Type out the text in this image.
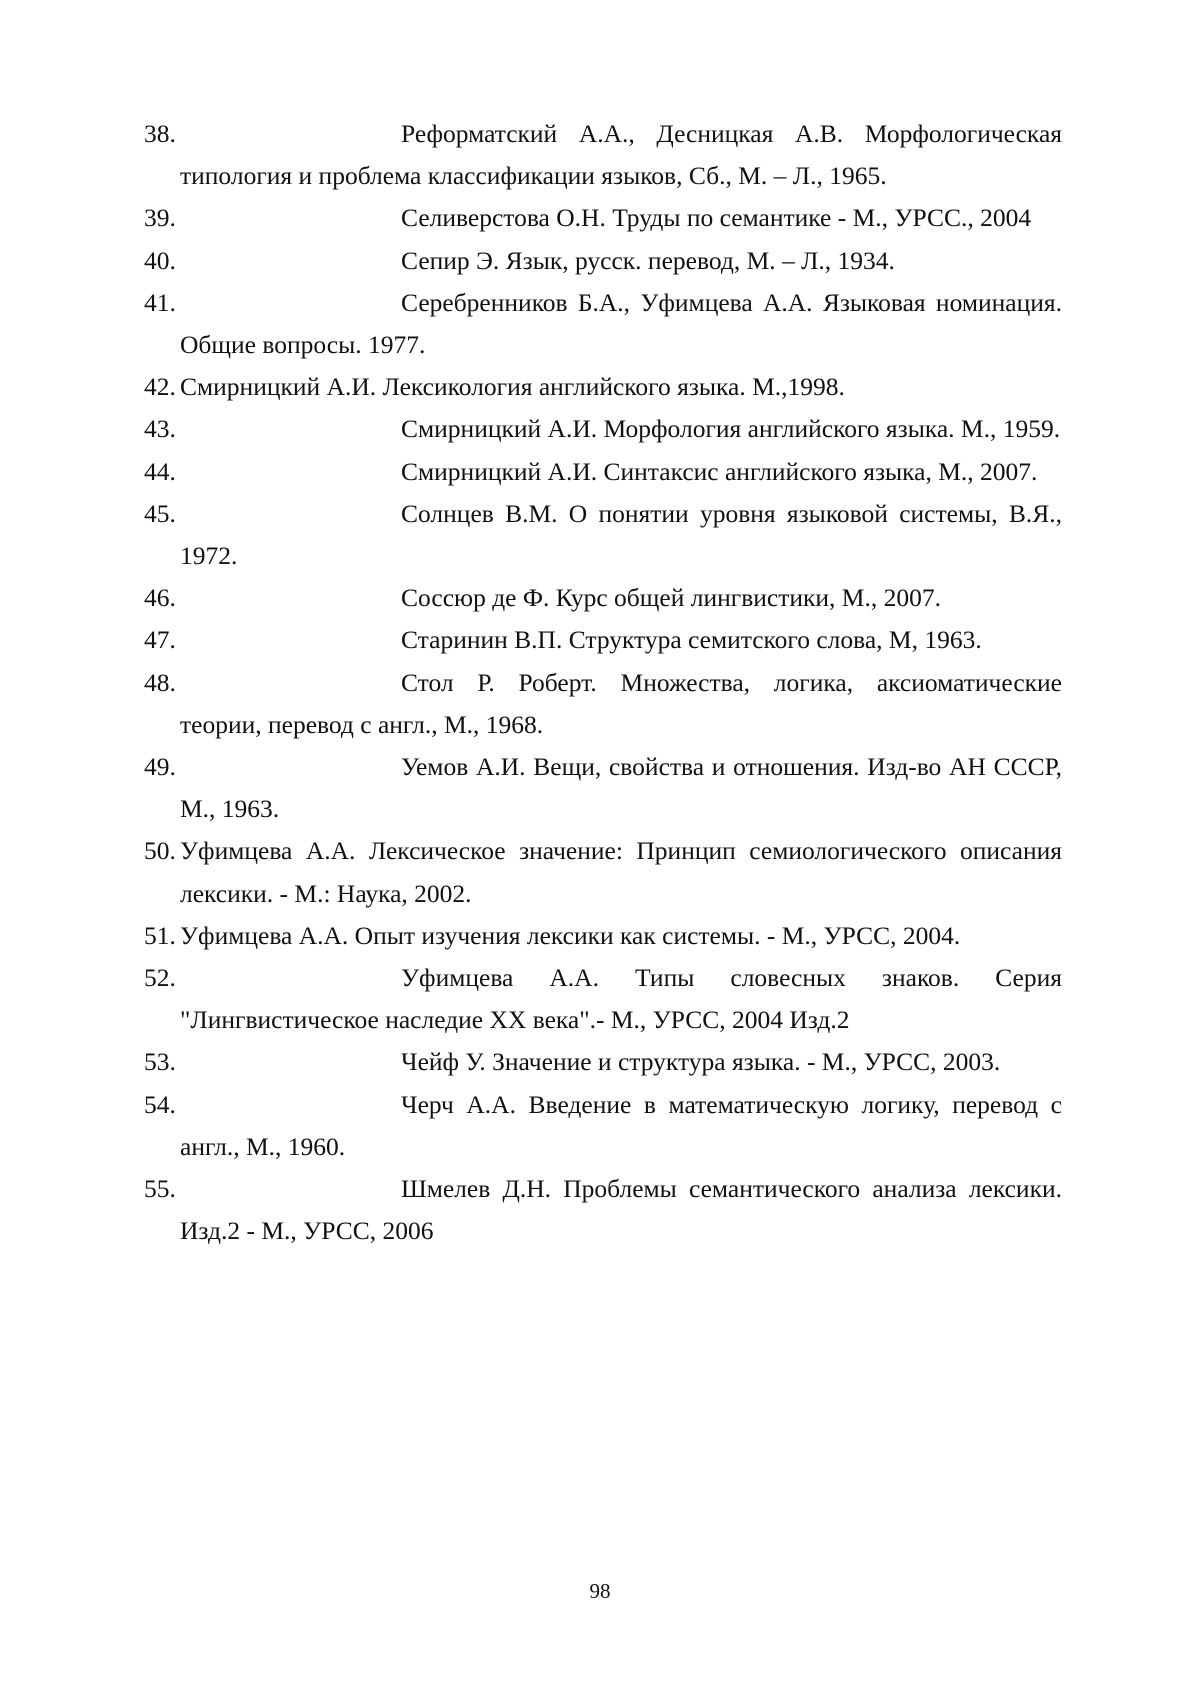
38.	Реформатский А.А., Десницкая А.В. Морфологическая типология и проблема классификации языков, Сб., М. – Л., 1965.
39.	Селиверстова О.Н. Труды по семантике - М., УРСС., 2004
40.	Сепир Э. Язык, русск. перевод, М. – Л., 1934.
41.	Серебренников Б.А., Уфимцева А.А. Языковая номинация. Общие вопросы. 1977.
42. Смирницкий А.И. Лексикология английского языка. М.,1998.
43.	Смирницкий А.И. Морфология английского языка. М., 1959.
44.	Смирницкий А.И. Синтаксис английского языка, М., 2007.
45.	Солнцев В.М. О понятии уровня языковой системы, В.Я., 1972.
46.	Соссюр де Ф. Курс общей лингвистики, М., 2007.
47.	Старинин В.П. Структура семитского слова, М, 1963.
48.	Стол Р. Роберт. Множества, логика, аксиоматические теории, перевод с англ., М., 1968.
49.	Уемов А.И. Вещи, свойства и отношения. Изд-во АН СССР, М., 1963.
50. Уфимцева А.А. Лексическое значение: Принцип семиологического описания лексики. - М.: Наука, 2002.
51. Уфимцева А.А. Опыт изучения лексики как системы. - М., УРСС, 2004.
52.	Уфимцева А.А. Типы словесных знаков. Серия "Лингвистическое наследие XX века".- М., УРСС, 2004 Изд.2
53.	Чейф У. Значение и структура языка. - М., УРСС, 2003.
54.	Черч А.А. Введение в математическую логику, перевод с англ., М., 1960.
55.	Шмелев Д.Н. Проблемы семантического анализа лексики. Изд.2 - М., УРСС, 2006
98
